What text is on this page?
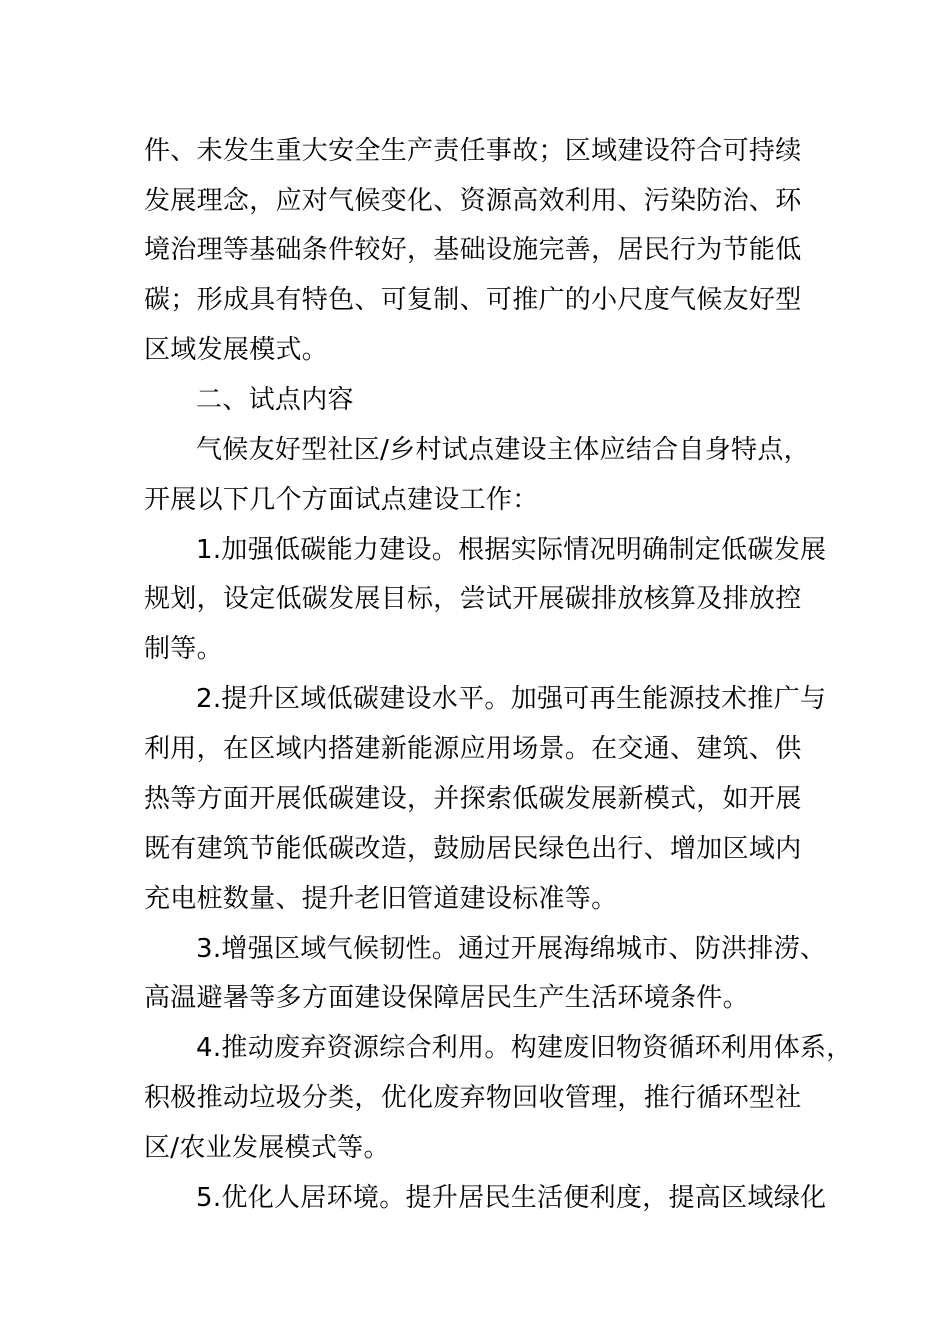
件、未发生重大安全生产责任事故；区域建设符合可持续
发展理念，应对气候变化、资源高效利用、污染防治、环
境治理等基础条件较好，基础设施完善，居民行为节能低
碳；形成具有特色、可复制、可推广的小尺度气候友好型
区域发展模式。
二、试点内容
气候友好型社区/乡村试点建设主体应结合自身特点，
开展以下几个方面试点建设工作：
1.加强低碳能力建设。根据实际情况明确制定低碳发展
规划，设定低碳发展目标，尝试开展碳排放核算及排放控
制等。
2.提升区域低碳建设水平。加强可再生能源技术推广与
利用，在区域内搭建新能源应用场景。在交通、建筑、供
热等方面开展低碳建设，并探索低碳发展新模式，如开展
既有建筑节能低碳改造，鼓励居民绿色出行、增加区域内
充电桩数量、提升老旧管道建设标准等。
3.增强区域气候韧性。通过开展海绵城市、防洪排涝、
高温避暑等多方面建设保障居民生产生活环境条件。
4.推动废弃资源综合利用。构建废旧物资循环利用体系，
积极推动垃圾分类，优化废弃物回收管理，推行循环型社
区/农业发展模式等。
5.优化人居环境。提升居民生活便利度，提高区域绿化
